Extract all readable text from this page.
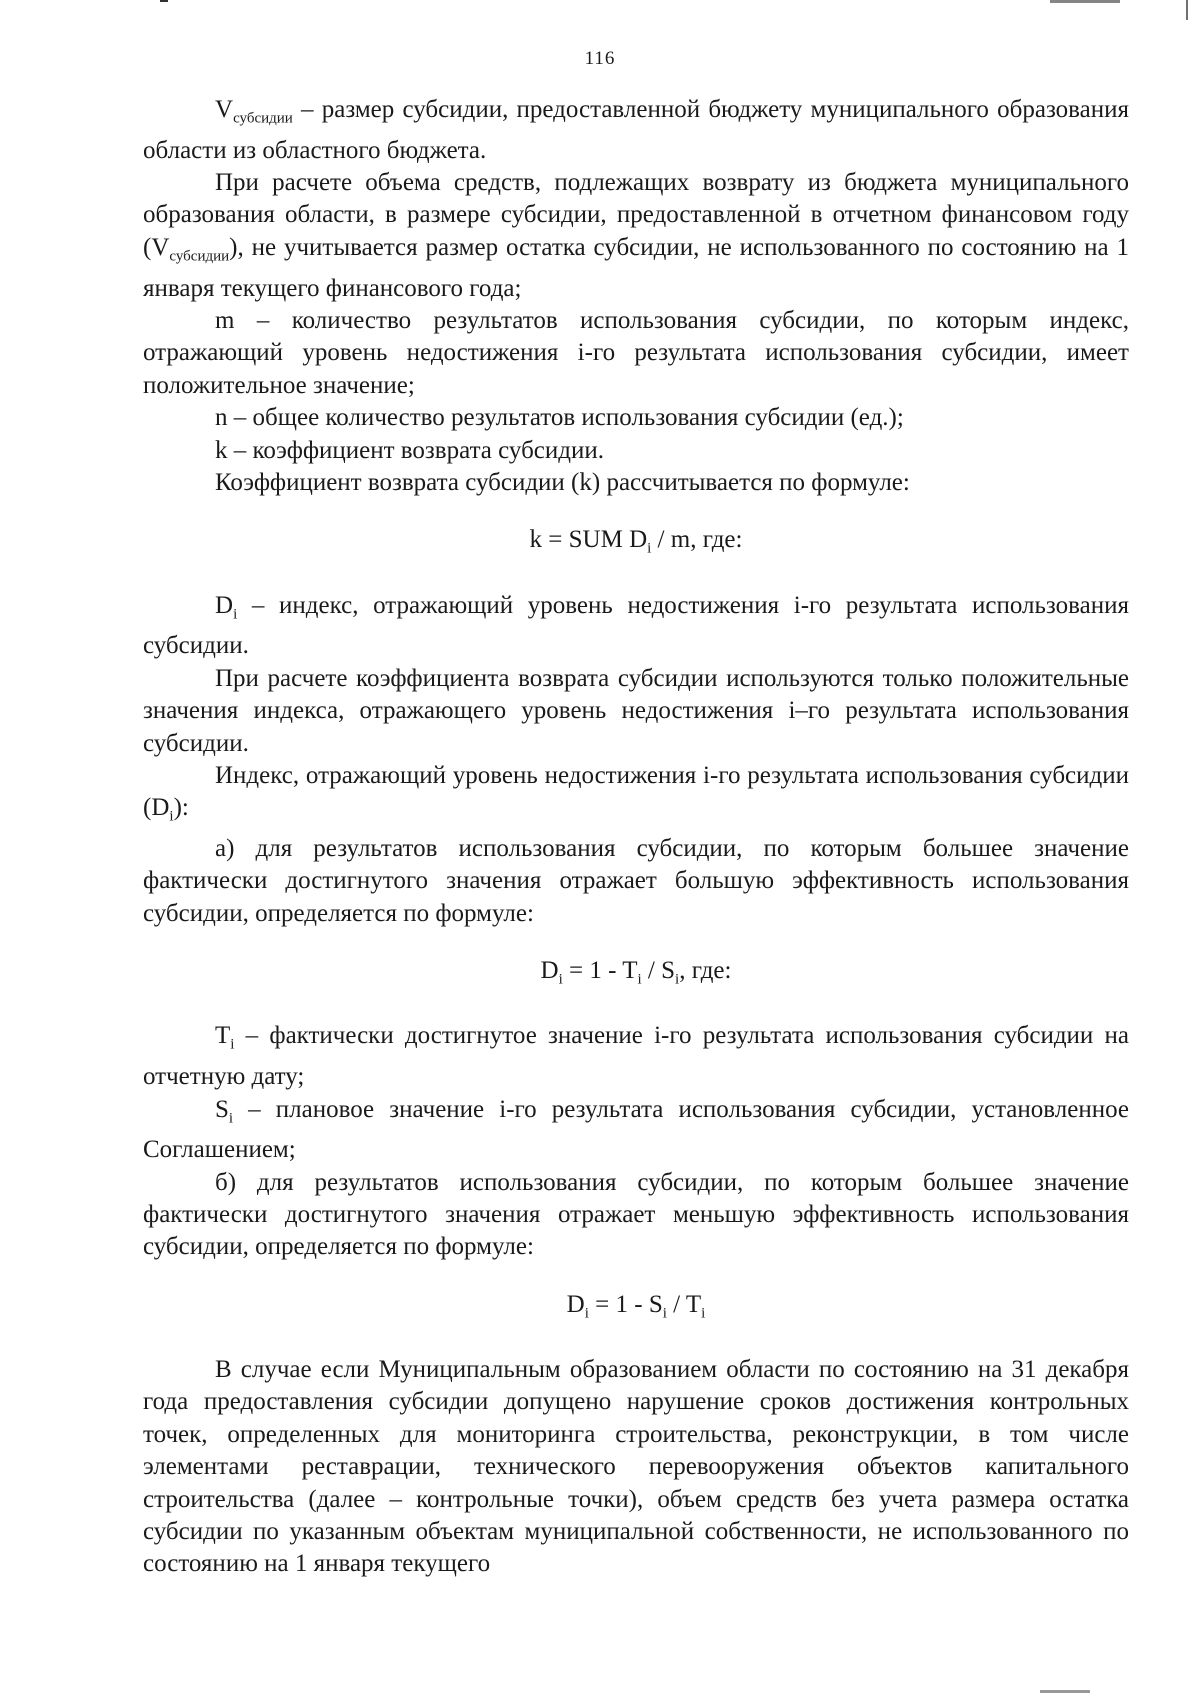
116

$V_{субсидии}$ – размер субсидии, предоставленной бюджету муниципального образования области из областного бюджета.

При расчете объема средств, подлежащих возврату из бюджета муниципального образования области, в размере субсидии, предоставленной в отчетном финансовом году $(V_{субсидии})$, не учитывается размер остатка субсидии, не использованного по состоянию на 1 января текущего финансового года;

m – количество результатов использования субсидии, по которым индекс, отражающий уровень недостижения i-го результата использования субсидии, имеет положительное значение;

n – общее количество результатов использования субсидии (ед.);

k – коэффициент возврата субсидии.

Коэффициент возврата субсидии (k) рассчитывается по формуле:

k = SUM $D_i$ / m, где:

$D_i$ – индекс, отражающий уровень недостижения i-го результата использования субсидии.

При расчете коэффициента возврата субсидии используются только положительные значения индекса, отражающего уровень недостижения i–го результата использования субсидии.

Индекс, отражающий уровень недостижения i-го результата использования субсидии $(D_i)$:

а) для результатов использования субсидии, по которым большее значение фактически достигнутого значения отражает большую эффективность использования субсидии, определяется по формуле:

$D_i = 1 - T_i / S_i$, где:

$T_i$ – фактически достигнутое значение i-го результата использования субсидии на отчетную дату;

$S_i$ – плановое значение i-го результата использования субсидии, установленное Соглашением;

б) для результатов использования субсидии, по которым большее значение фактически достигнутого значения отражает меньшую эффективность использования субсидии, определяется по формуле:

$D_i = 1 - S_i / T_i$

В случае если Муниципальным образованием области по состоянию на 31 декабря года предоставления субсидии допущено нарушение сроков достижения контрольных точек, определенных для мониторинга строительства, реконструкции, в том числе элементами реставрации, технического перевооружения объектов капитального строительства (далее – контрольные точки), объем средств без учета размера остатка субсидии по указанным объектам муниципальной собственности, не использованного по состоянию на 1 января текущего
